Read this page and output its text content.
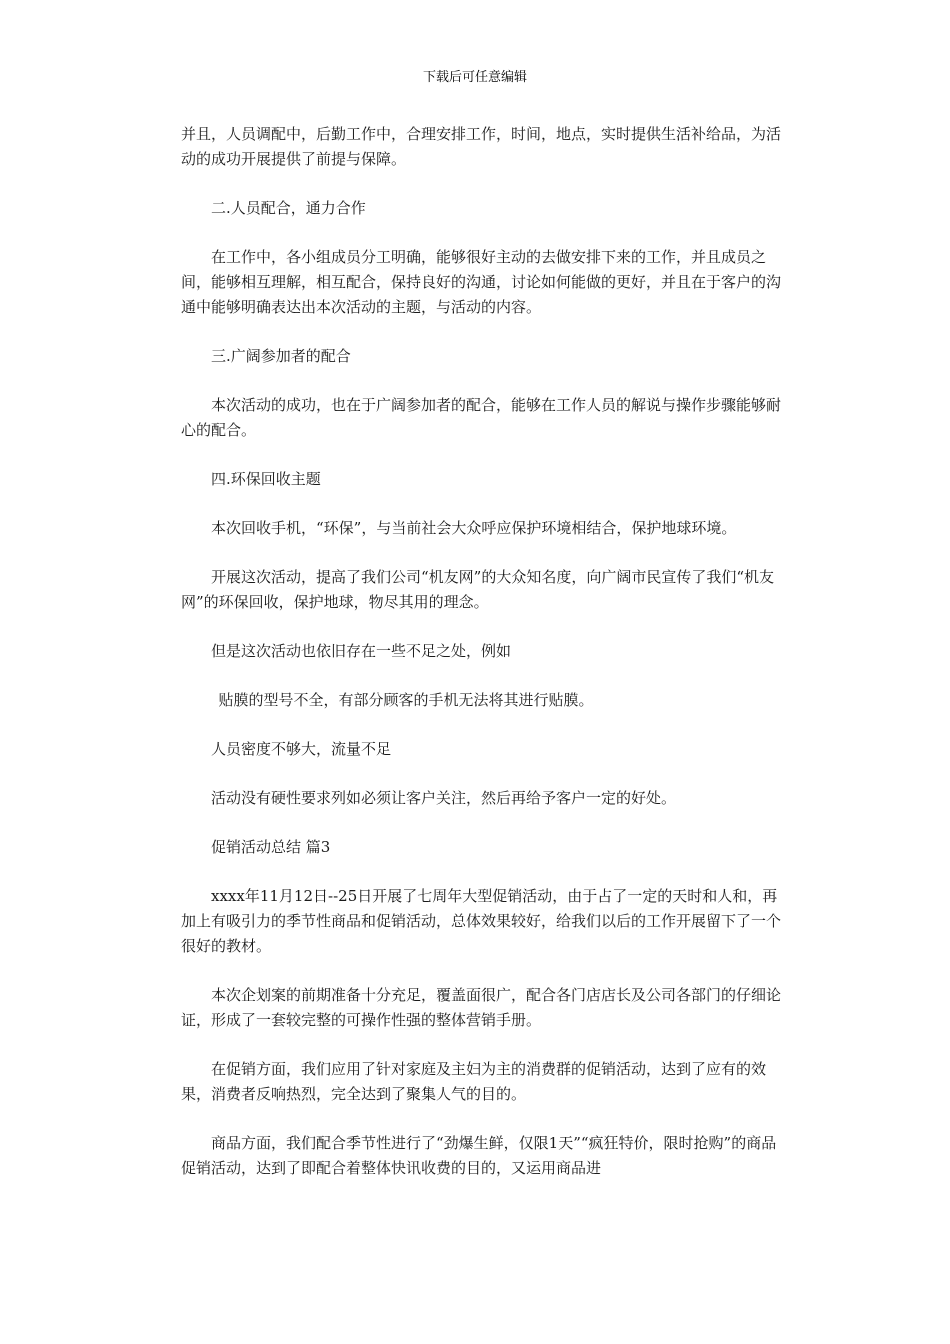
下载后可任意编辑

并且，人员调配中，后勤工作中，合理安排工作，时间，地点，实时提供生活补给品，为活动的成功开展提供了前提与保障。

二.人员配合，通力合作

在工作中，各小组成员分工明确，能够很好主动的去做安排下来的工作，并且成员之间，能够相互理解，相互配合，保持良好的沟通，讨论如何能做的更好，并且在于客户的沟通中能够明确表达出本次活动的主题，与活动的内容。

三.广阔参加者的配合

本次活动的成功，也在于广阔参加者的配合，能够在工作人员的解说与操作步骤能够耐心的配合。

四.环保回收主题

本次回收手机，“环保”，与当前社会大众呼应保护环境相结合，保护地球环境。

开展这次活动，提高了我们公司“机友网”的大众知名度，向广阔市民宣传了我们“机友网”的环保回收，保护地球，物尽其用的理念。

但是这次活动也依旧存在一些不足之处，例如

贴膜的型号不全，有部分顾客的手机无法将其进行贴膜。

人员密度不够大，流量不足

活动没有硬性要求列如必须让客户关注，然后再给予客户一定的好处。

促销活动总结 篇3

xxxx年11月12日--25日开展了七周年大型促销活动，由于占了一定的天时和人和，再加上有吸引力的季节性商品和促销活动，总体效果较好，给我们以后的工作开展留下了一个很好的教材。

本次企划案的前期准备十分充足，覆盖面很广，配合各门店店长及公司各部门的仔细论证，形成了一套较完整的可操作性强的整体营销手册。

在促销方面，我们应用了针对家庭及主妇为主的消费群的促销活动，达到了应有的效果，消费者反响热烈，完全达到了聚集人气的目的。

商品方面，我们配合季节性进行了“劲爆生鲜，仅限1天”“疯狂特价，限时抢购”的商品促销活动，达到了即配合着整体快讯收费的目的，又运用商品进
